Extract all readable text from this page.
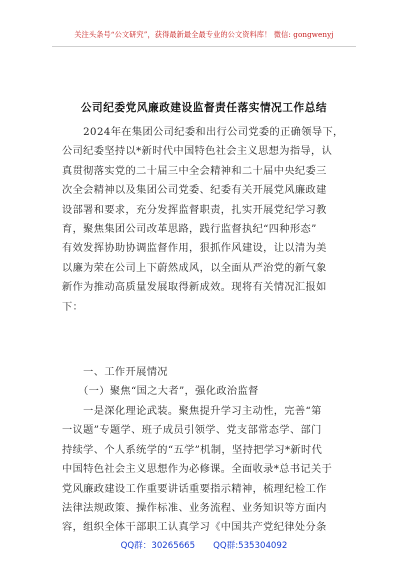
关注头条号“公文研究”，获得最新最全最专业的公文资料库！ 微信: gongwenyj
公司纪委党风廉政建设监督责任落实情况工作总结
　　2024年在集团公司纪委和出行公司党委的正确领导下，
公司纪委坚持以*新时代中国特色社会主义思想为指导，认
真贯彻落实党的二十届三中全会精神和二十届中央纪委三
次全会精神以及集团公司党委、纪委有关开展党风廉政建
设部署和要求，充分发挥监督职责，扎实开展党纪学习教
育，聚焦集团公司改革思路，践行监督执纪“四种形态”
有效发挥协助协调监督作用，狠抓作风建设，让以清为美
以廉为荣在公司上下蔚然成风，以全面从严治党的新气象
新作为推动高质量发展取得新成效。现将有关情况汇报如
下：
　　一、工作开展情况
　　（一）聚焦“国之大者”，强化政治监督
　　一是深化理论武装。聚焦提升学习主动性，完善“第
一议题”专题学、班子成员引领学、党支部常态学、部门
持续学、个人系统学的“五学”机制，坚持把学习*新时代
中国特色社会主义思想作为必修课。全面收录*总书记关于
党风廉政建设工作重要讲话重要指示精神，梳理纪检工作
法律法规政策、操作标准、业务流程、业务知识等方面内
容，组织全体干部职工认真学习《中国共产党纪律处分条
QQ群：30265665 QQ群:535304092
